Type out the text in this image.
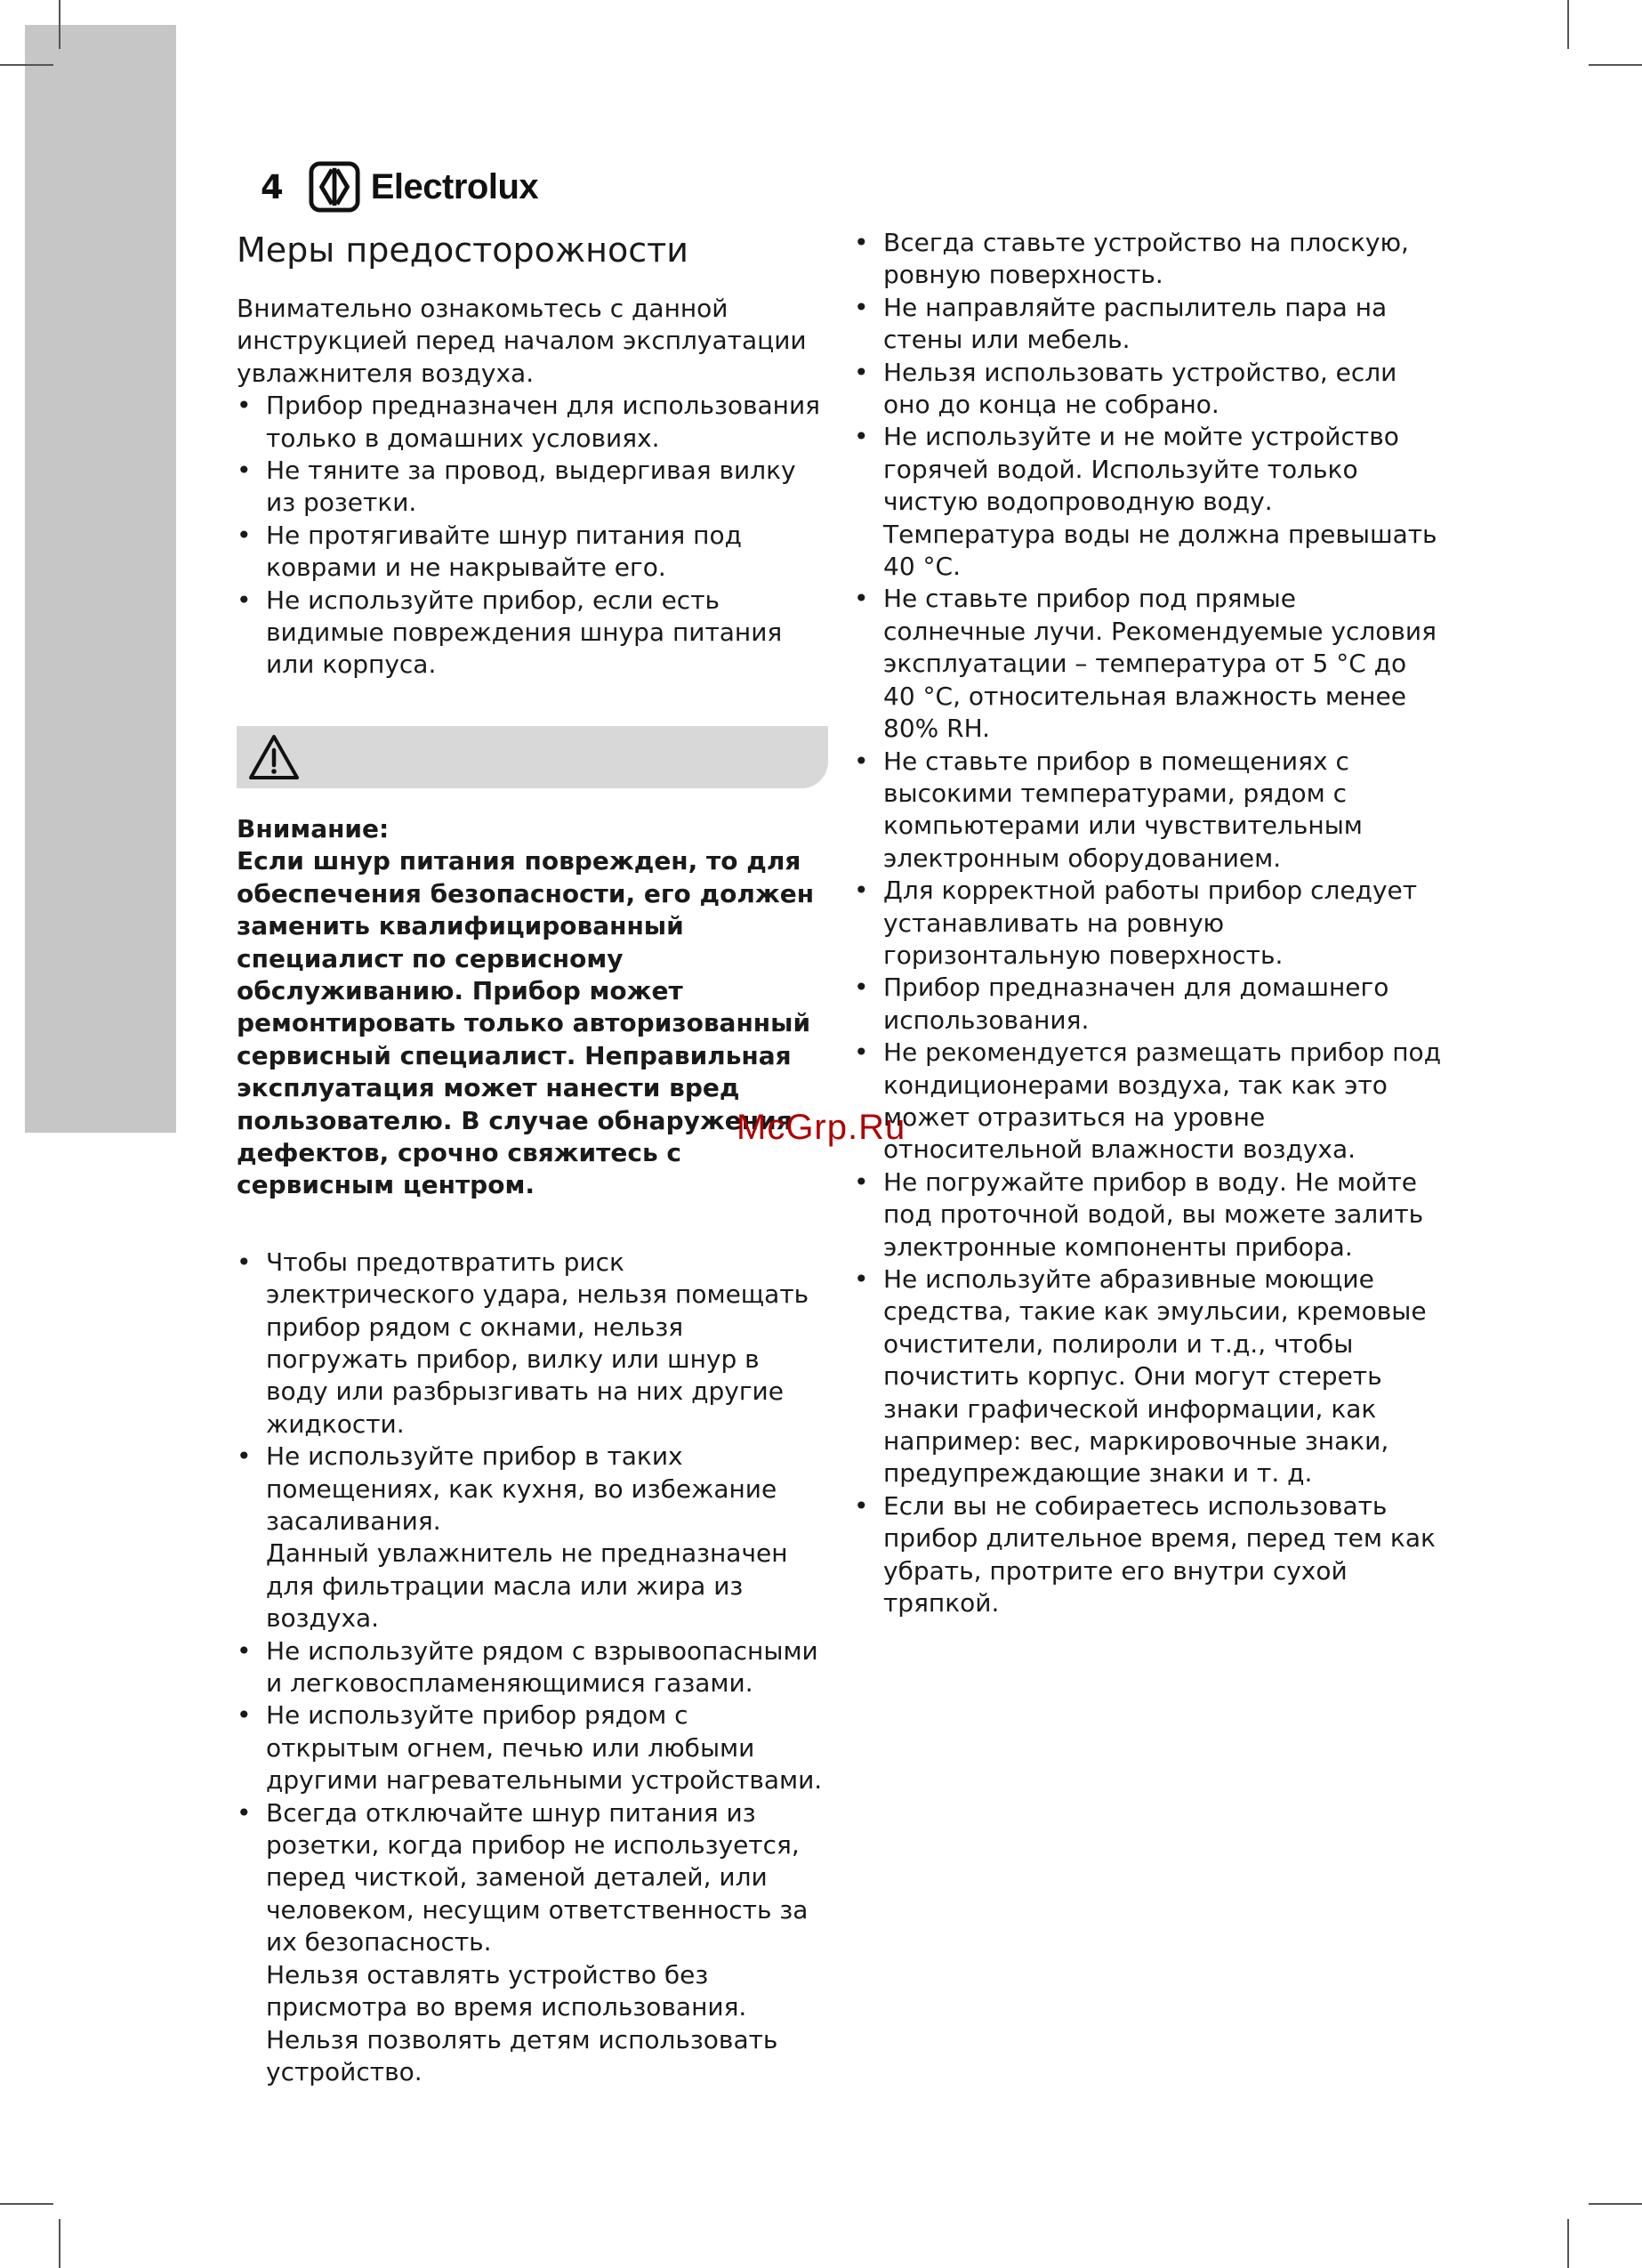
4 Electrolux
Меры предосторожности

Внимательно ознакомьтесь с данной инструкцией перед началом эксплуатации увлажнителя воздуха.

• Прибор предназначен для использования только в домашних условиях.
• Не тяните за провод, выдергивая вилку из розетки.
• Не протягивайте шнур питания под коврами и не накрывайте его.
• Не используйте прибор, если есть видимые повреждения шнура питания или корпуса.

Внимание:

Если шнур питания поврежден, то для обеспечения безопасности, его должен заменить квалифицированный специалист по сервисному обслуживанию. Прибор может ремонтировать только авторизованный сервисный специалист. Неправильная эксплуатация может нанести вред пользователю. В случае обнаружения дефектов, срочно свяжитесь с сервисным центром.

• Чтобы предотвратить риск электрического удара, нельзя помещать прибор рядом с окнами, нельзя погружать прибор, вилку или шнур в воду или разбрызгивать на них другие жидкости.
• Не используйте прибор в таких помещениях, как кухня, во избежание засаливания.
Данный увлажнитель не предназначен для фильтрации масла или жира из воздуха.
• Не используйте рядом с взрывоопасными и легковоспламеняющимися газами.
• Не используйте прибор рядом с открытым огнем, печью или любыми другими нагревательными устройствами.
• Всегда отключайте шнур питания из розетки, когда прибор не используется, перед чисткой, заменой деталей, или человеком, несущим ответственность за их безопасность.
Нельзя оставлять устройство без присмотра во время использования. Нельзя позволять детям использовать устройство.
• Всегда ставьте устройство на плоскую, ровную поверхность.
• Не направляйте распылитель пара на стены или мебель.
• Нельзя использовать устройство, если оно до конца не собрано.
• Не используйте и не мойте устройство горячей водой. Используйте только чистую водопроводную воду. Температура воды не должна превышать 40 °C.
• Не ставьте прибор под прямые солнечные лучи. Рекомендуемые условия эксплуатации – температура от 5 °C до 40 °C, относительная влажность менее 80% RH.
• Не ставьте прибор в помещениях с высокими температурами, рядом с компьютерами или чувствительным электронным оборудованием.
• Для корректной работы прибор следует устанавливать на ровную горизонтальную поверхность.
• Прибор предназначен для домашнего использования.
• Не рекомендуется размещать прибор под кондиционерами воздуха, так как это может отразиться на уровне относительной влажности воздуха.
• Не погружайте прибор в воду. Не мойте под проточной водой, вы можете залить электронные компоненты прибора.
• Не используйте абразивные моющие средства, такие как эмульсии, кремовые очистители, полироли и т.д., чтобы почистить корпус. Они могут стереть знаки графической информации, как например: вес, маркировочные знаки, предупреждающие знаки и т. д.
• Если вы не собираетесь использовать прибор длительное время, перед тем как убрать, протрите его внутри сухой тряпкой.
McGrp.Ru
